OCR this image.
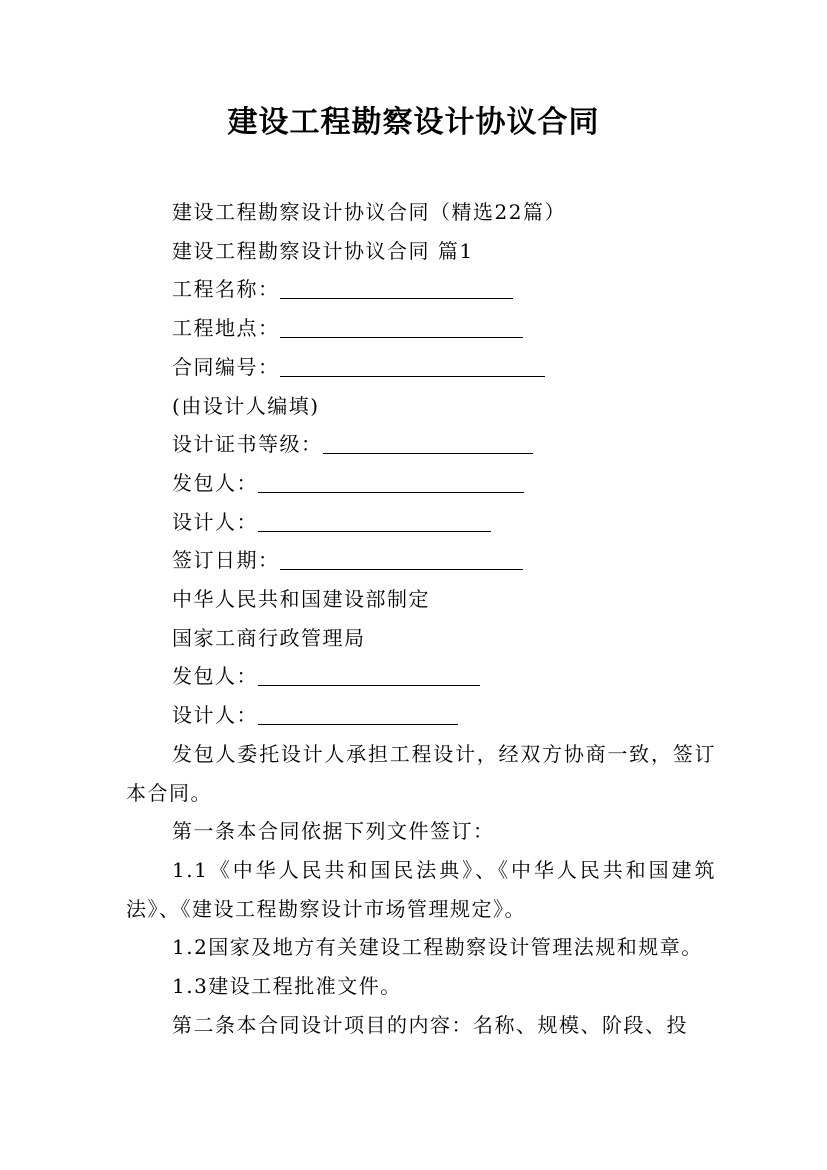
建设工程勘察设计协议合同

建设工程勘察设计协议合同（精选22篇）

建设工程勘察设计协议合同 篇1

工程名称：

工程地点：

合同编号：

(由设计人编填)

设计证书等级：

发包人：

设计人：

签订日期：

中华人民共和国建设部制定

国家工商行政管理局

发包人：

设计人：

发包人委托设计人承担工程设计，经双方协商一致，签订本合同。

第一条本合同依据下列文件签订：

1.1《中华人民共和国民法典》、《中华人民共和国建筑法》、《建设工程勘察设计市场管理规定》。

1.2国家及地方有关建设工程勘察设计管理法规和规章。

1.3建设工程批准文件。

第二条本合同设计项目的内容：名称、规模、阶段、投
